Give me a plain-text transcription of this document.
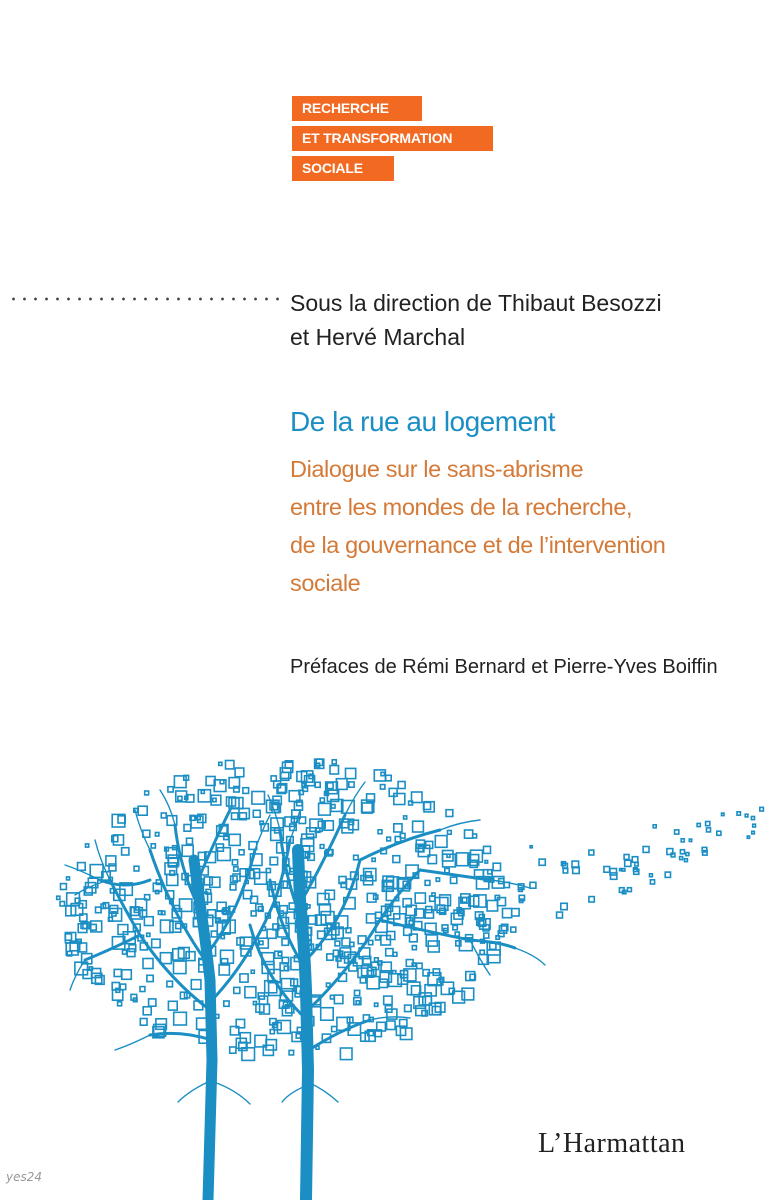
RECHERCHE
ET TRANSFORMATION
SOCIALE
Sous la direction de Thibaut Besozzi
et Hervé Marchal
De la rue au logement
Dialogue sur le sans-abrisme
entre les mondes de la recherche,
de la gouvernance et de l’intervention
sociale
Préfaces de Rémi Bernard et Pierre-Yves Boiffin
L’Harmattan
yes24
